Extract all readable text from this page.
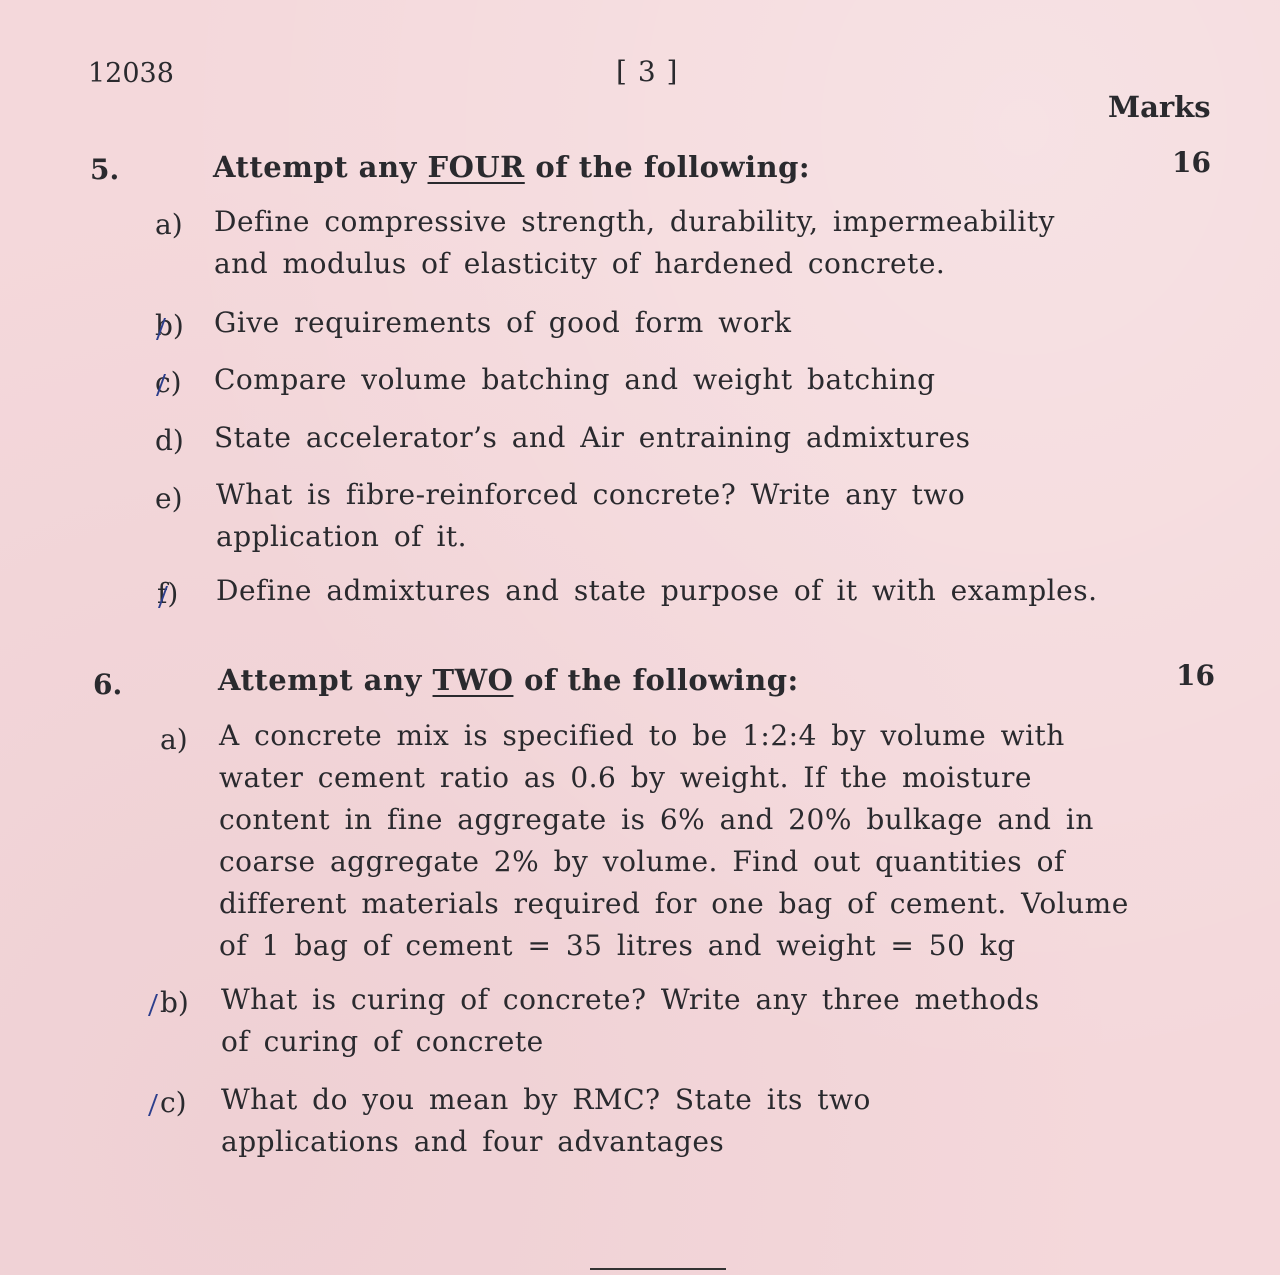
12038	[ 3 ]
Marks
5.	Attempt any FOUR of the following:	16
a) Define compressive strength, durability, impermeability and modulus of elasticity of hardened concrete.
b) Give requirements of good form work
c) Compare volume batching and weight batching
d) State accelerator’s and Air entraining admixtures
e) What is fibre-reinforced concrete? Write any two application of it.
f) Define admixtures and state purpose of it with examples.
6.	Attempt any TWO of the following:	16
a) A concrete mix is specified to be 1:2:4 by volume with water cement ratio as 0.6 by weight. If the moisture content in fine aggregate is 6% and 20% bulkage and in coarse aggregate 2% by volume. Find out quantities of different materials required for one bag of cement. Volume of 1 bag of cement = 35 litres and weight = 50 kg
b) What is curing of concrete? Write any three methods of curing of concrete
c) What do you mean by RMC? State its two applications and four advantages
